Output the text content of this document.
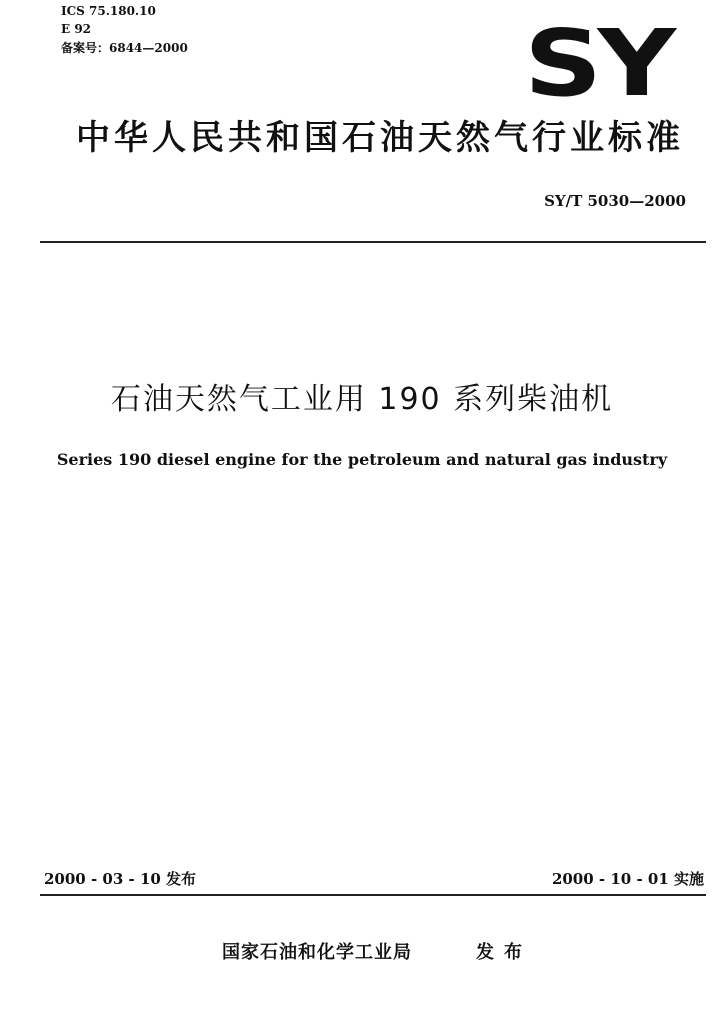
ICS 75.180.10
E 92
备案号：6844—2000	SY
中华人民共和国石油天然气行业标准
SY/T 5030—2000
石油天然气工业用 190 系列柴油机
Series 190 diesel engine for the petroleum and natural gas industry
2000 - 03 - 10 发布	2000 - 10 - 01 实施
国家石油和化学工业局	发布
